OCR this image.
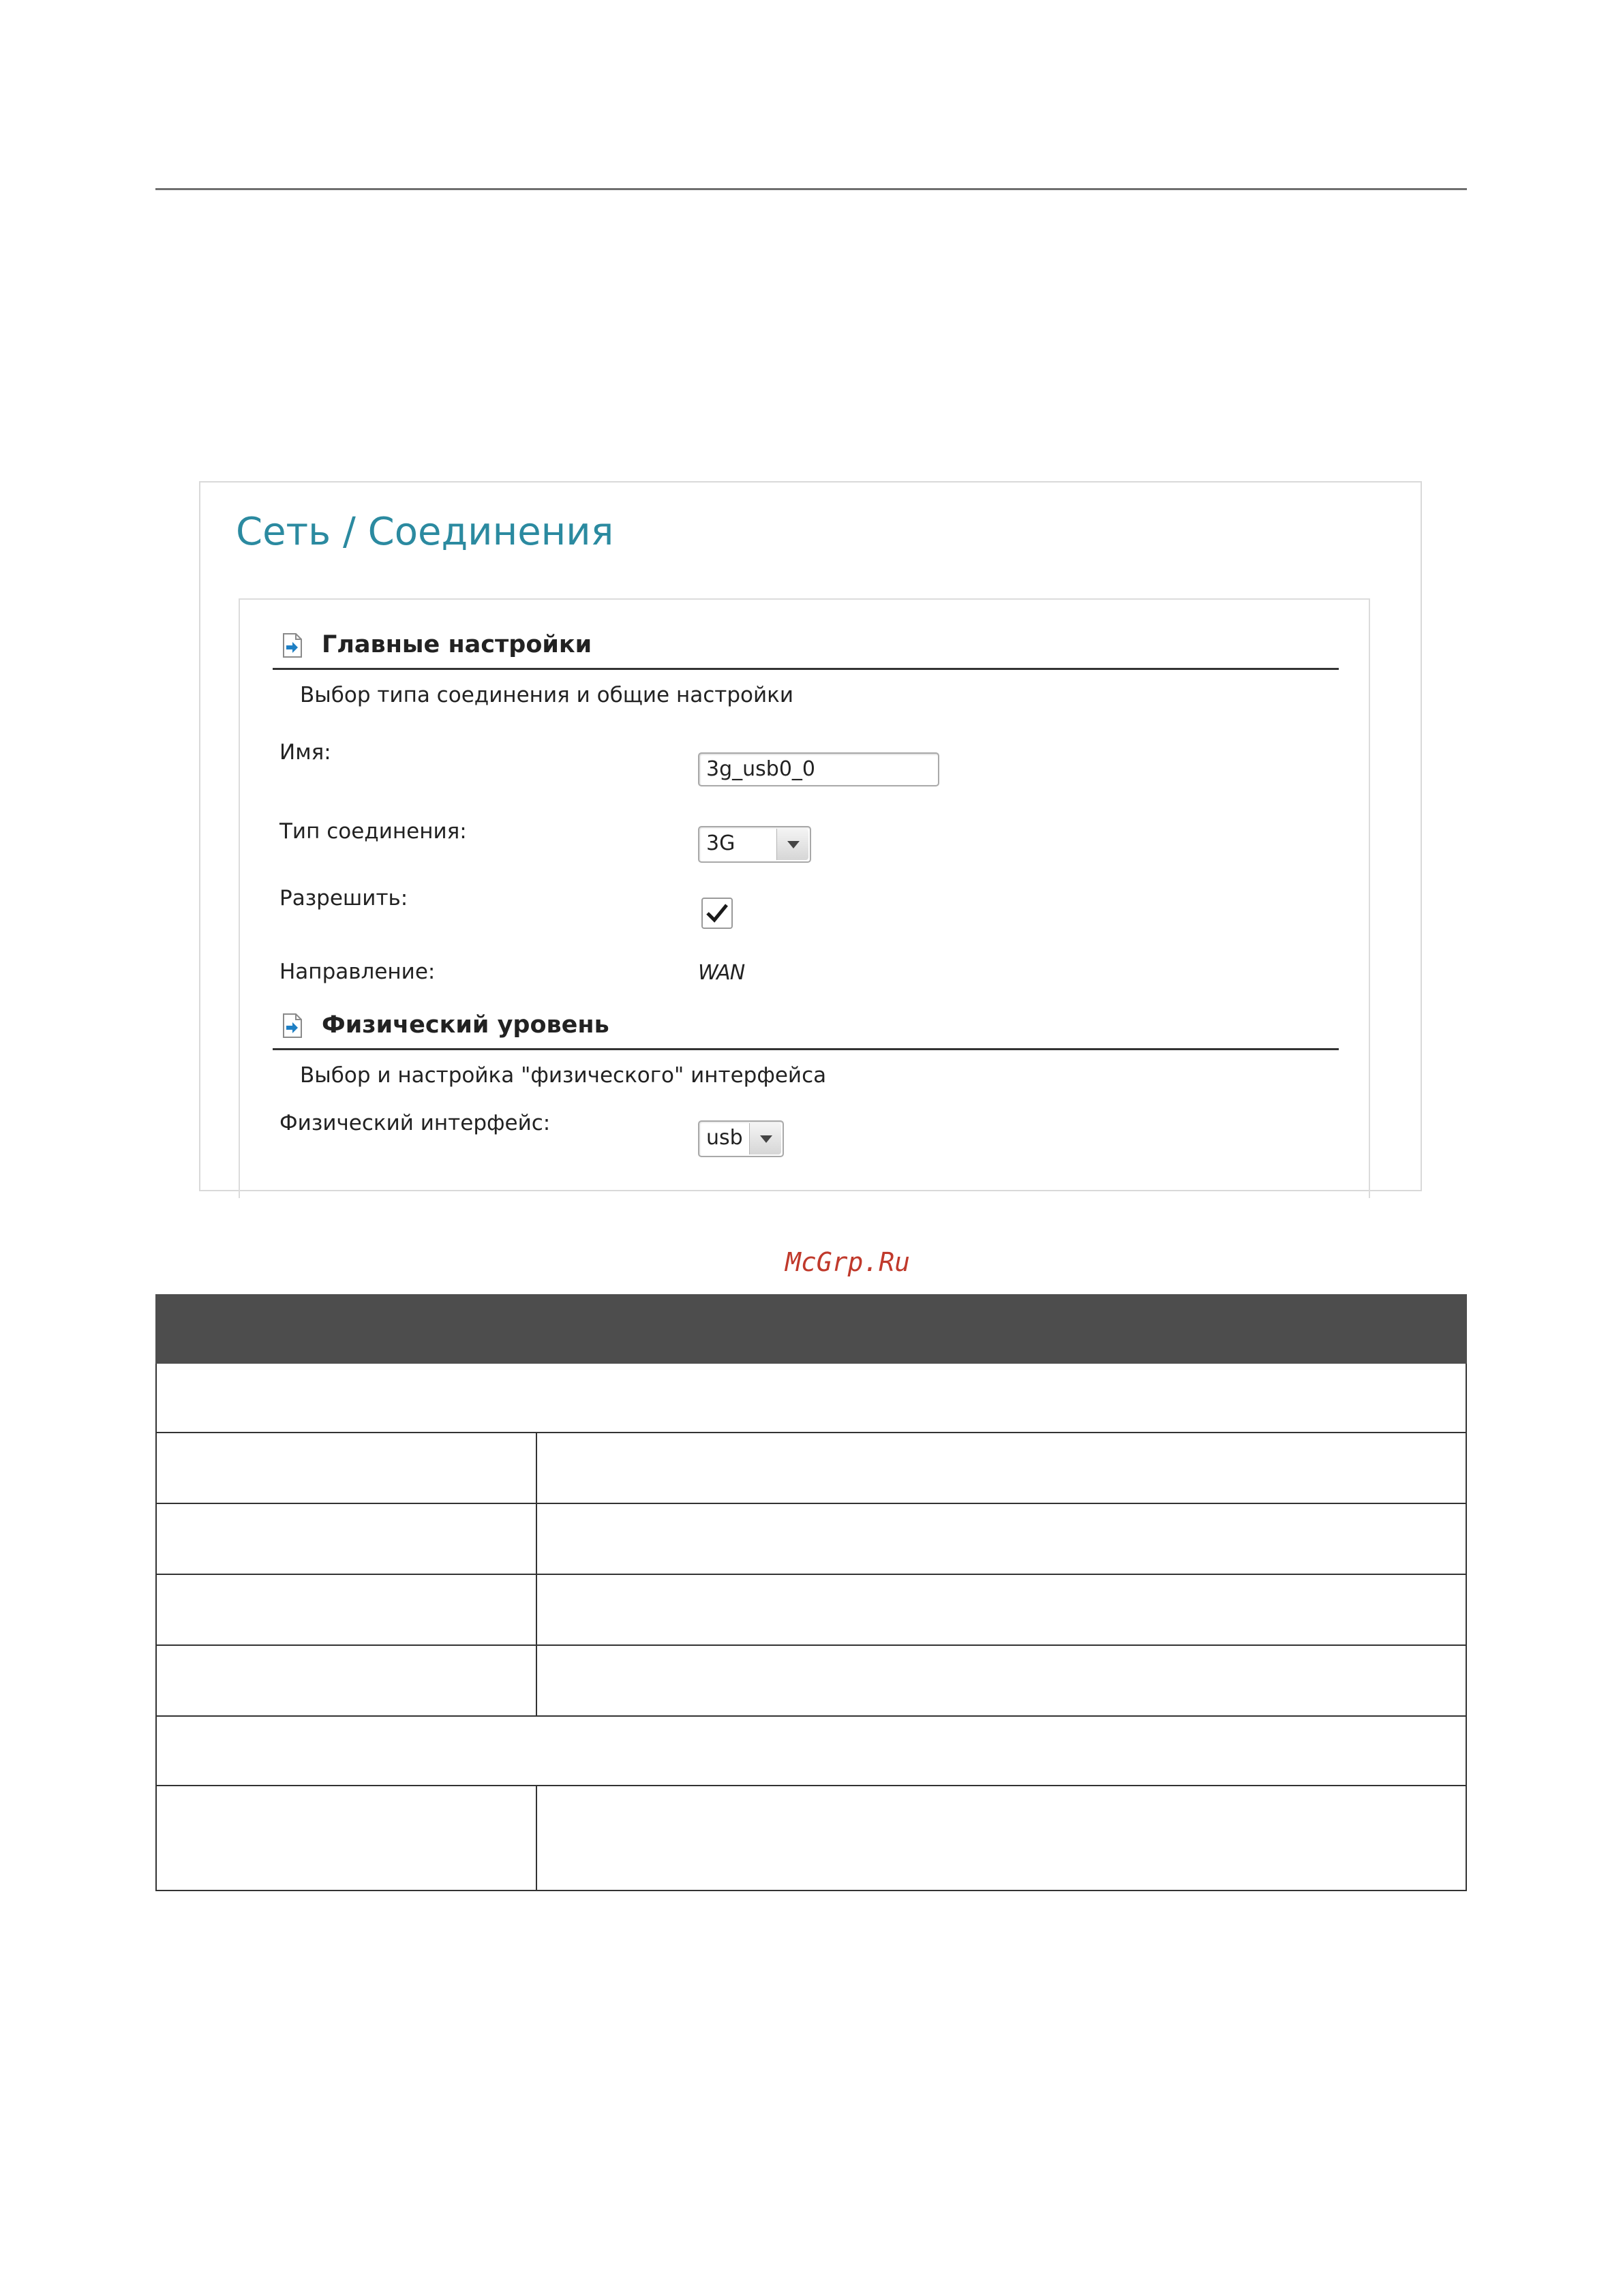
Сеть / Соединения
Главные настройки
Выбор типа соединения и общие настройки
Имя:
3g_usb0_0
Тип соединения:	3G
Разрешить:
Направление:	WAN
Физический уровень
Выбор и настройка "физического" интерфейса
Физический интерфейс:
usb
McGrp.Ru
